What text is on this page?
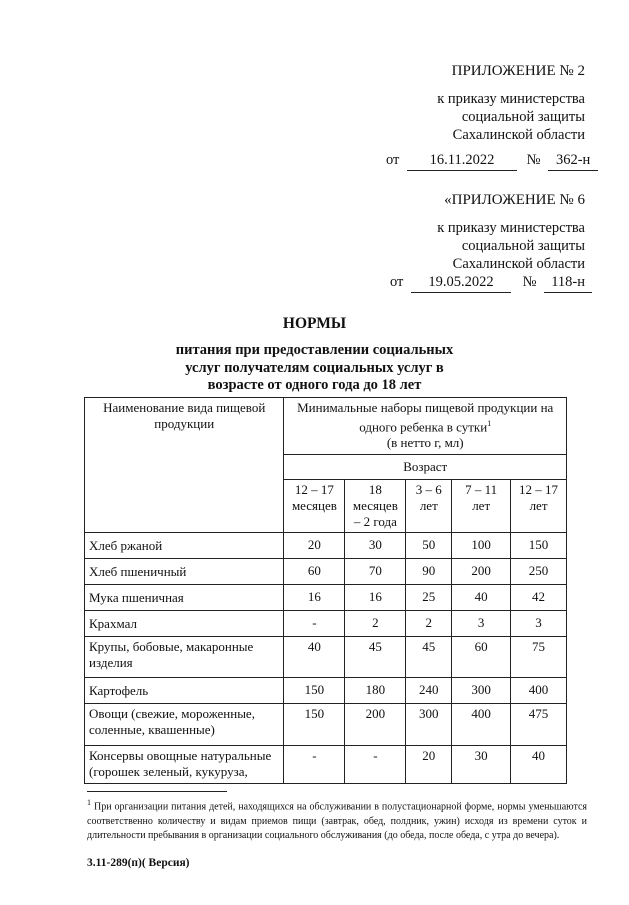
ПРИЛОЖЕНИЕ № 2
к приказу министерства
социальной защиты
Сахалинской области
от 16.11.2022 № 362-н
«ПРИЛОЖЕНИЕ № 6
к приказу министерства
социальной защиты
Сахалинской области
от 19.05.2022 № 118-н
НОРМЫ
питания при предоставлении социальных
услуг получателям социальных услуг в
возрасте от одного года до 18 лет
Наименование вида пищевой продукции	Минимальные наборы пищевой продукции на одного ребенка в сутки$^1$
(в нетто г, мл)				
	Возраст				
	12 – 17 месяцев	18 месяцев – 2 года	3 – 6 лет	7 – 11 лет	12 – 17 лет
Хлеб ржаной	20	30	50	100	150
Хлеб пшеничный	60	70	90	200	250
Мука пшеничная	16	16	25	40	42
Крахмал	-	2	2	3	3
Крупы, бобовые, макаронные изделия	40	45	45	60	75
Картофель	150	180	240	300	400
Овощи (свежие, мороженные, соленные, квашенные)	150	200	300	400	475
Консервы овощные натуральные (горошек зеленый, кукуруза,	-	-	20	30	40
$^1$ При организации питания детей, находящихся на обслуживании в полустационарной форме, нормы уменьшаются соответственно количеству и видам приемов пищи (завтрак, обед, полдник, ужин) исходя из времени суток и длительности пребывания в организации социального обслуживания (до обеда, после обеда, с утра до вечера).
3.11-289(п)( Версия)
